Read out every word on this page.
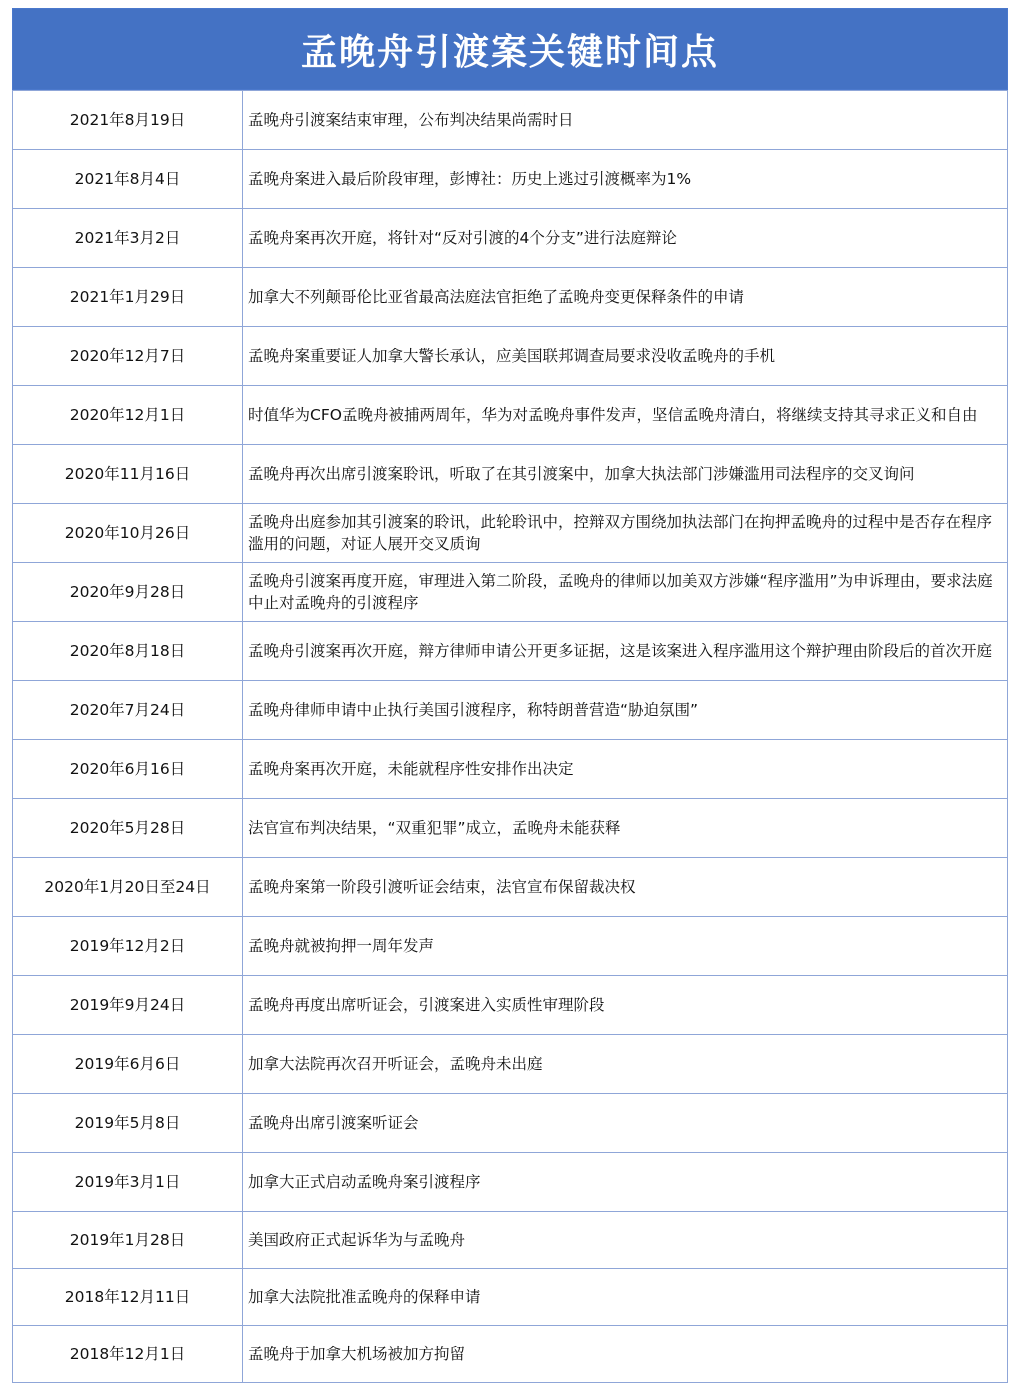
孟晚舟引渡案关键时间点
2021年8月19日	孟晚舟引渡案结束审理，公布判决结果尚需时日
2021年8月4日	孟晚舟案进入最后阶段审理，彭博社：历史上逃过引渡概率为1%
2021年3月2日	孟晚舟案再次开庭，将针对“反对引渡的4个分支”进行法庭辩论
2021年1月29日	加拿大不列颠哥伦比亚省最高法庭法官拒绝了孟晚舟变更保释条件的申请
2020年12月7日	孟晚舟案重要证人加拿大警长承认，应美国联邦调查局要求没收孟晚舟的手机
2020年12月1日	时值华为CFO孟晚舟被捕两周年，华为对孟晚舟事件发声，坚信孟晚舟清白，将继续支持其寻求正义和自由
2020年11月16日	孟晚舟再次出席引渡案聆讯，听取了在其引渡案中，加拿大执法部门涉嫌滥用司法程序的交叉询问
2020年10月26日	孟晚舟出庭参加其引渡案的聆讯，此轮聆讯中，控辩双方围绕加执法部门在拘押孟晚舟的过程中是否存在程序滥用的问题，对证人展开交叉质询
2020年9月28日	孟晚舟引渡案再度开庭，审理进入第二阶段，孟晚舟的律师以加美双方涉嫌“程序滥用”为申诉理由，要求法庭中止对孟晚舟的引渡程序
2020年8月18日	孟晚舟引渡案再次开庭，辩方律师申请公开更多证据，这是该案进入程序滥用这个辩护理由阶段后的首次开庭
2020年7月24日	孟晚舟律师申请中止执行美国引渡程序，称特朗普营造“胁迫氛围”
2020年6月16日	孟晚舟案再次开庭，未能就程序性安排作出决定
2020年5月28日	法官宣布判决结果，“双重犯罪”成立，孟晚舟未能获释
2020年1月20日至24日	孟晚舟案第一阶段引渡听证会结束，法官宣布保留裁决权
2019年12月2日	孟晚舟就被拘押一周年发声
2019年9月24日	孟晚舟再度出席听证会，引渡案进入实质性审理阶段
2019年6月6日	加拿大法院再次召开听证会，孟晚舟未出庭
2019年5月8日	孟晚舟出席引渡案听证会
2019年3月1日	加拿大正式启动孟晚舟案引渡程序
2019年1月28日	美国政府正式起诉华为与孟晚舟
2018年12月11日	加拿大法院批准孟晚舟的保释申请
2018年12月1日	孟晚舟于加拿大机场被加方拘留
